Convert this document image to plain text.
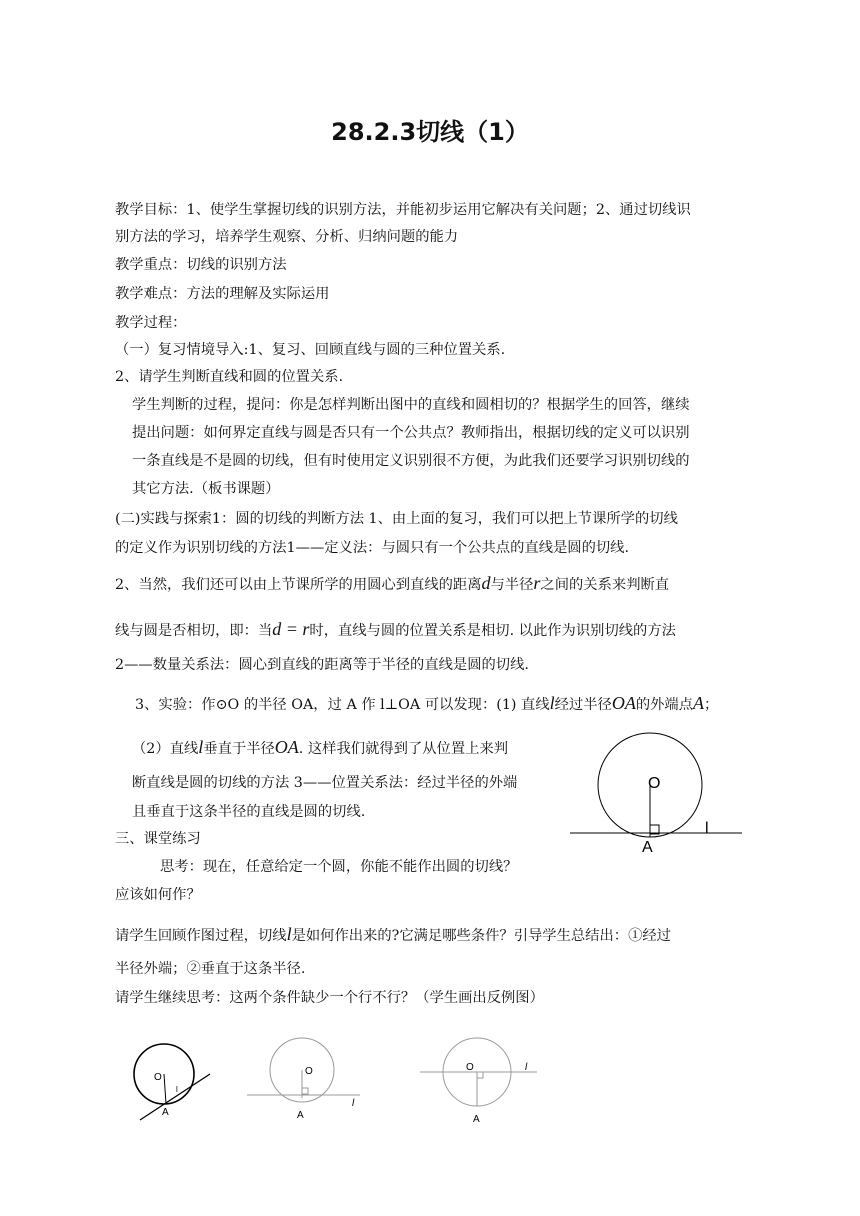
28.2.3切线（1）
教学目标：1、使学生掌握切线的识别方法，并能初步运用它解决有关问题；2、通过切线识
别方法的学习，培养学生观察、分析、归纳问题的能力
教学重点：切线的识别方法
教学难点：方法的理解及实际运用
教学过程：
（一）复习情境导入:1、复习、回顾直线与圆的三种位置关系.
2、请学生判断直线和圆的位置关系.
学生判断的过程，提问：你是怎样判断出图中的直线和圆相切的？根据学生的回答，继续
提出问题：如何界定直线与圆是否只有一个公共点？教师指出，根据切线的定义可以识别
一条直线是不是圆的切线，但有时使用定义识别很不方便，为此我们还要学习识别切线的
其它方法.（板书课题）
(二)实践与探索1：圆的切线的判断方法 1、由上面的复习，我们可以把上节课所学的切线
的定义作为识别切线的方法1——定义法：与圆只有一个公共点的直线是圆的切线.
2、当然，我们还可以由上节课所学的用圆心到直线的距离d与半径r之间的关系来判断直
线与圆是否相切，即：当d = r时，直线与圆的位置关系是相切. 以此作为识别切线的方法
2——数量关系法：圆心到直线的距离等于半径的直线是圆的切线.
3、实验：作⊙O 的半径 OA，过 A 作 l⊥OA 可以发现：(1) 直线l经过半径OA的外端点A；
（2）直线l垂直于半径OA. 这样我们就得到了从位置上来判
断直线是圆的切线的方法 3——位置关系法：经过半径的外端
且垂直于这条半径的直线是圆的切线.
三、课堂练习
思考：现在，任意给定一个圆，你能不能作出圆的切线？
应该如何作？
请学生回顾作图过程，切线l是如何作出来的?它满足哪些条件？引导学生总结出：①经过
半径外端；②垂直于这条半径.
请学生继续思考：这两个条件缺少一个行不行？（学生画出反例图）
O
A
l
O
l
A
O
l
A
O	l
A
